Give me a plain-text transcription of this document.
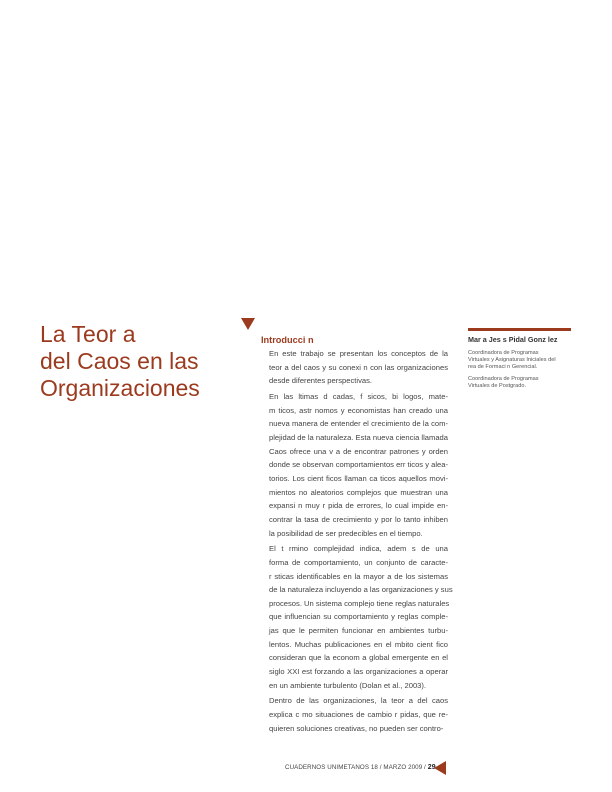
La Teor a
del Caos en las
Organizaciones
Introducci n

En este trabajo se presentan los conceptos de la
teor a del caos y su conexi n con las organizaciones
desde diferentes perspectivas.

En las ltimas d cadas, f sicos, bi logos, mate-
m ticos, astr nomos y economistas han creado una
nueva manera de entender el crecimiento de la com-
plejidad de la naturaleza. Esta nueva ciencia llamada
Caos ofrece una v a de encontrar patrones y orden
donde se observan comportamientos err ticos y alea-
torios. Los cient ficos llaman ca ticos aquellos movi-
mientos no aleatorios complejos que muestran una
expansi n muy r pida de errores, lo cual impide en-
contrar la tasa de crecimiento y por lo tanto inhiben
la posibilidad de ser predecibles en el tiempo.

El t rmino complejidad indica, adem s de una
forma de comportamiento, un conjunto de caracte-
r sticas identificables en la mayor a de los sistemas
de la naturaleza incluyendo a las organizaciones y sus
procesos. Un sistema complejo tiene reglas naturales
que influencian su comportamiento y reglas comple-
jas que le permiten funcionar en ambientes turbu-
lentos. Muchas publicaciones en el mbito cient fico
consideran que la econom a global emergente en el
siglo XXI est forzando a las organizaciones a operar
en un ambiente turbulento (Dolan et al., 2003).

Dentro de las organizaciones, la teor a del caos
explica c mo situaciones de cambio r pidas, que re-
quieren soluciones creativas, no pueden ser contro-

Mar a Jes s Pidal Gonz lez
Coordinadora de Programas
Virtuales y Asignaturas Iniciales del
rea de Formaci n Gerencial.
Coordinadora de Programas
Virtuales de Postgrado.
CUADERNOS UNIMETANOS 18 / MARZO 2009 / 29
